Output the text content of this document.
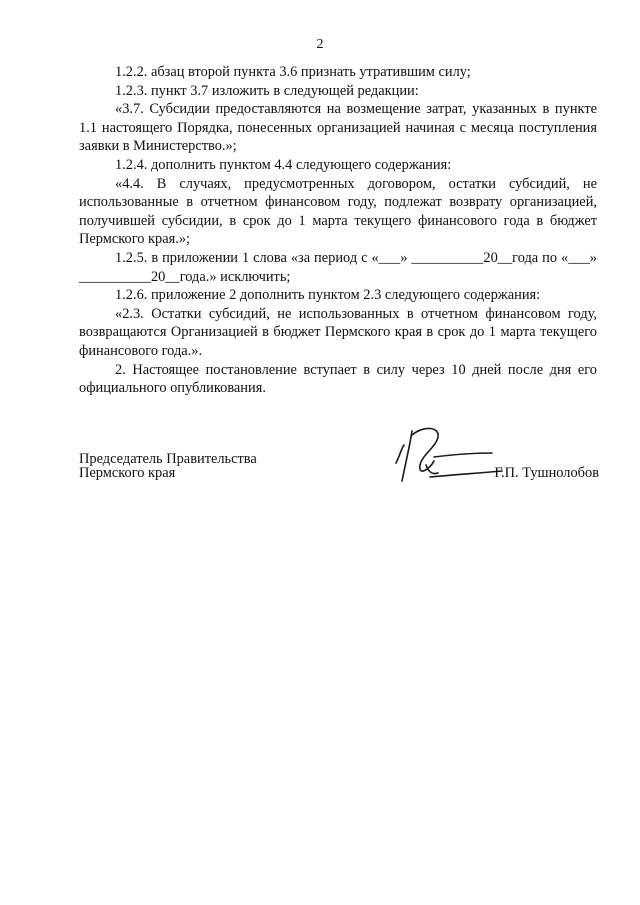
2

1.2.2. абзац второй пункта 3.6 признать утратившим силу;

1.2.3. пункт 3.7 изложить в следующей редакции:

«3.7. Субсидии предоставляются на возмещение затрат, указанных в пункте 1.1 настоящего Порядка, понесенных организацией начиная с месяца поступления заявки в Министерство.»;

1.2.4. дополнить пунктом 4.4 следующего содержания:

«4.4. В случаях, предусмотренных договором, остатки субсидий, не использованные в отчетном финансовом году, подлежат возврату организацией, получившей субсидии, в срок до 1 марта текущего финансового года в бюджет Пермского края.»;

1.2.5. в приложении 1 слова «за период с «___» __________20__года по «___» __________20__года.» исключить;

1.2.6. приложение 2 дополнить пунктом 2.3 следующего содержания:

«2.3. Остатки субсидий, не использованных в отчетном финансовом году, возвращаются Организацией в бюджет Пермского края в срок до 1 марта текущего финансового года.».

2. Настоящее постановление вступает в силу через 10 дней после дня его официального опубликования.

Председатель Правительства
Пермского края	Г.П. Тушнолобов
